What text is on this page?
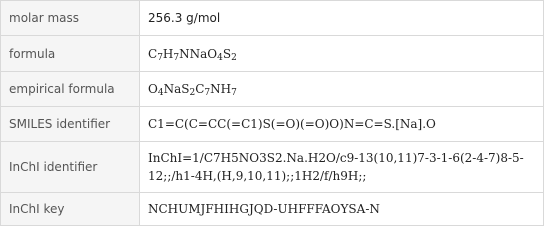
molar mass	256.3 g/mol
formula	$C_7H_7NNaO_4S_2$
empirical formula	$O_4NaS_2C_7NH_7$
SMILES identifier	C1=C(C=CC(=C1)S(=O)(=O)O)N=C=S.[Na].O
InChI identifier	InChI=1/C7H5NO3S2.Na.H2O/c9-13(10,11)7-3-1-6(2-4-7)8-5-12;;/h1-4H,(H,9,10,11);;1H2/f/h9H;;
InChI key	NCHUMJFHIHGJQD-UHFFFAOYSA-N
